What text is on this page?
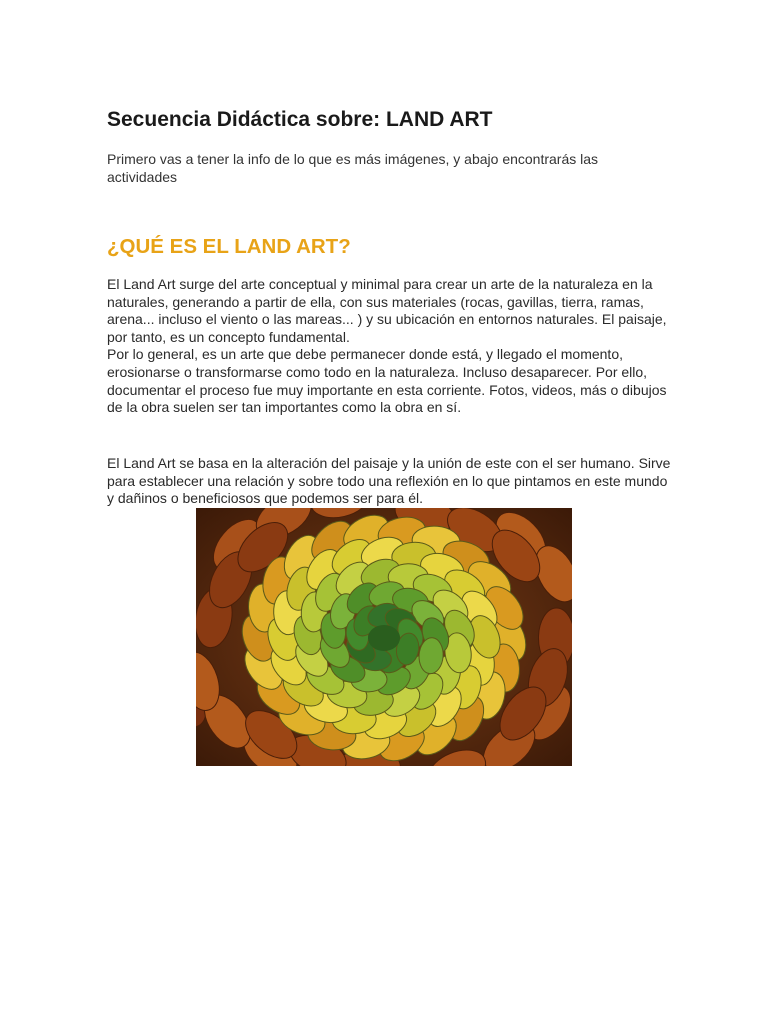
Secuencia Didáctica sobre: LAND ART

Primero vas a tener la info de lo que es más imágenes, y abajo encontrarás las actividades

¿QUÉ ES EL LAND ART?
El Land Art surge del arte conceptual y minimal para crear un arte de la naturaleza en la naturales, generando a partir de ella, con sus materiales (rocas, gavillas, tierra, ramas, arena... incluso el viento o las mareas... ) y su ubicación en entornos naturales. El paisaje, por tanto, es un concepto fundamental.
Por lo general, es un arte que debe permanecer donde está, y llegado el momento, erosionarse o transformarse como todo en la naturaleza. Incluso desaparecer. Por ello, documentar el proceso fue muy importante en esta corriente. Fotos, videos, más o dibujos de la obra suelen ser tan importantes como la obra en sí.

El Land Art se basa en la alteración del paisaje y la unión de este con el ser humano. Sirve para establecer una relación y sobre todo una reflexión en lo que pintamos en este mundo y dañinos o beneficiosos que podemos ser para él.
